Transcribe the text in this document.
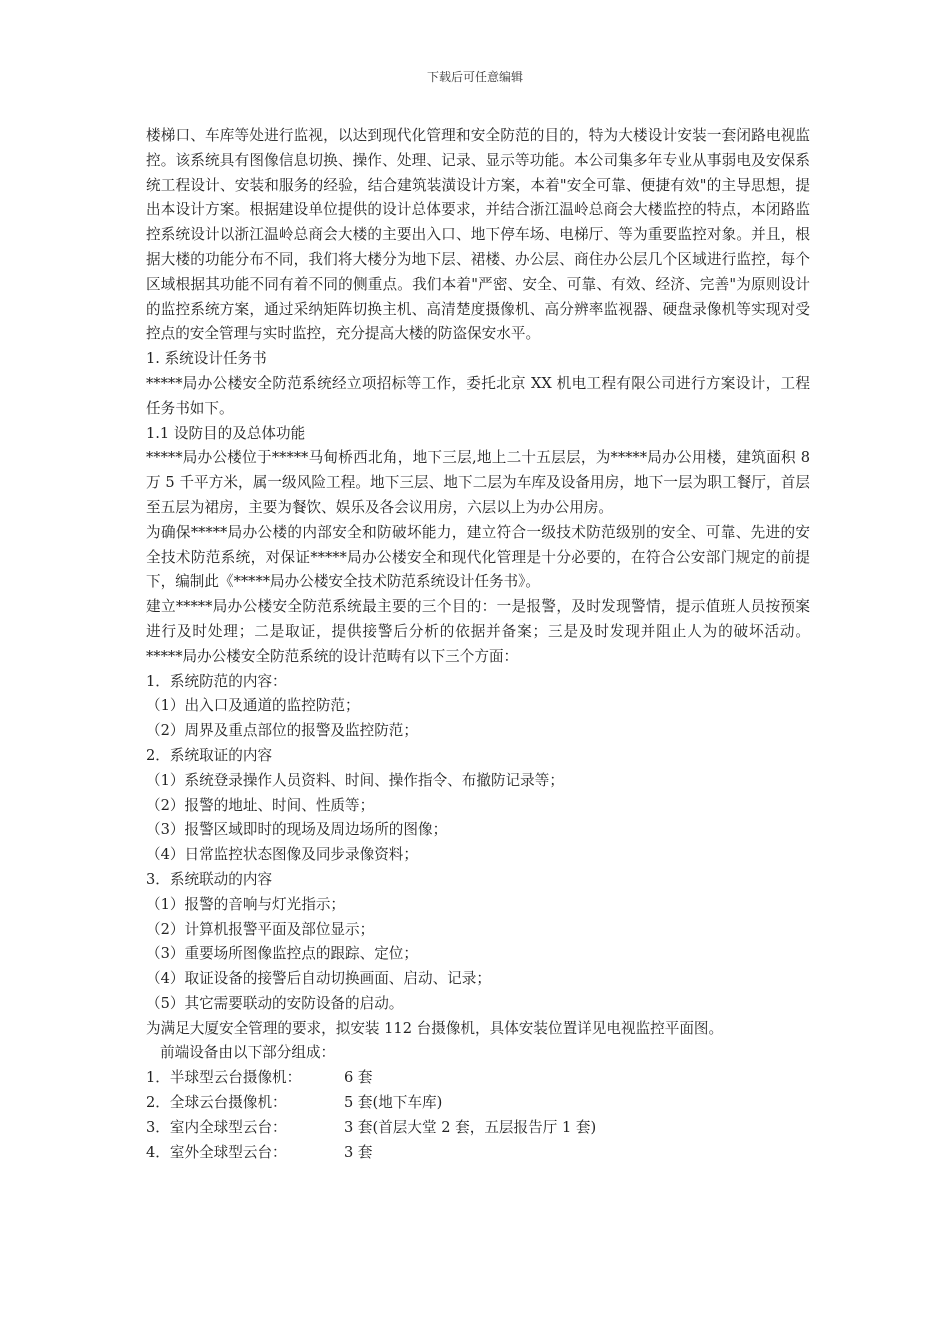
下载后可任意编辑

楼梯口、车库等处进行监视，以达到现代化管理和安全防范的目的，特为大楼设计安装一套闭路电视监控。该系统具有图像信息切换、操作、处理、记录、显示等功能。本公司集多年专业从事弱电及安保系统工程设计、安装和服务的经验，结合建筑装潢设计方案，本着"安全可靠、便捷有效"的主导思想，提出本设计方案。根据建设单位提供的设计总体要求，并结合浙江温岭总商会大楼监控的特点，本闭路监控系统设计以浙江温岭总商会大楼的主要出入口、地下停车场、电梯厅、等为重要监控对象。并且，根据大楼的功能分布不同，我们将大楼分为地下层、裙楼、办公层、商住办公层几个区域进行监控，每个区域根据其功能不同有着不同的侧重点。我们本着"严密、安全、可靠、有效、经济、完善"为原则设计的监控系统方案，通过采纳矩阵切换主机、高清楚度摄像机、高分辨率监视器、硬盘录像机等实现对受控点的安全管理与实时监控，充分提高大楼的防盗保安水平。

1. 系统设计任务书

*****局办公楼安全防范系统经立项招标等工作，委托北京 XX 机电工程有限公司进行方案设计，工程任务书如下。

1.1 设防目的及总体功能

*****局办公楼位于*****马甸桥西北角，地下三层,地上二十五层层，为*****局办公用楼，建筑面积 8 万 5 千平方米，属一级风险工程。地下三层、地下二层为车库及设备用房，地下一层为职工餐厅，首层至五层为裙房，主要为餐饮、娱乐及各会议用房，六层以上为办公用房。

为确保*****局办公楼的内部安全和防破坏能力，建立符合一级技术防范级别的安全、可靠、先进的安全技术防范系统，对保证*****局办公楼安全和现代化管理是十分必要的，在符合公安部门规定的前提下，编制此《*****局办公楼安全技术防范系统设计任务书》。

建立*****局办公楼安全防范系统最主要的三个目的：一是报警，及时发现警情，提示值班人员按预案进行及时处理；二是取证，提供接警后分析的依据并备案；三是及时发现并阻止人为的破坏活动。*****局办公楼安全防范系统的设计范畴有以下三个方面：

1．系统防范的内容：

（1）出入口及通道的监控防范；

（2）周界及重点部位的报警及监控防范；

2．系统取证的内容

（1）系统登录操作人员资料、时间、操作指令、布撤防记录等；

（2）报警的地址、时间、性质等；

（3）报警区域即时的现场及周边场所的图像；

（4）日常监控状态图像及同步录像资料；

3．系统联动的内容

（1）报警的音响与灯光指示；

（2）计算机报警平面及部位显示；

（3）重要场所图像监控点的跟踪、定位；

（4）取证设备的接警后自动切换画面、启动、记录；

（5）其它需要联动的安防设备的启动。

为满足大厦安全管理的要求，拟安装 112 台摄像机，具体安装位置详见电视监控平面图。

前端设备由以下部分组成：

1．半球型云台摄像机：	6 套
2．全球云台摄像机：	5 套(地下车库)
3．室内全球型云台：	3 套(首层大堂 2 套，五层报告厅 1 套)
4．室外全球型云台：	3 套
